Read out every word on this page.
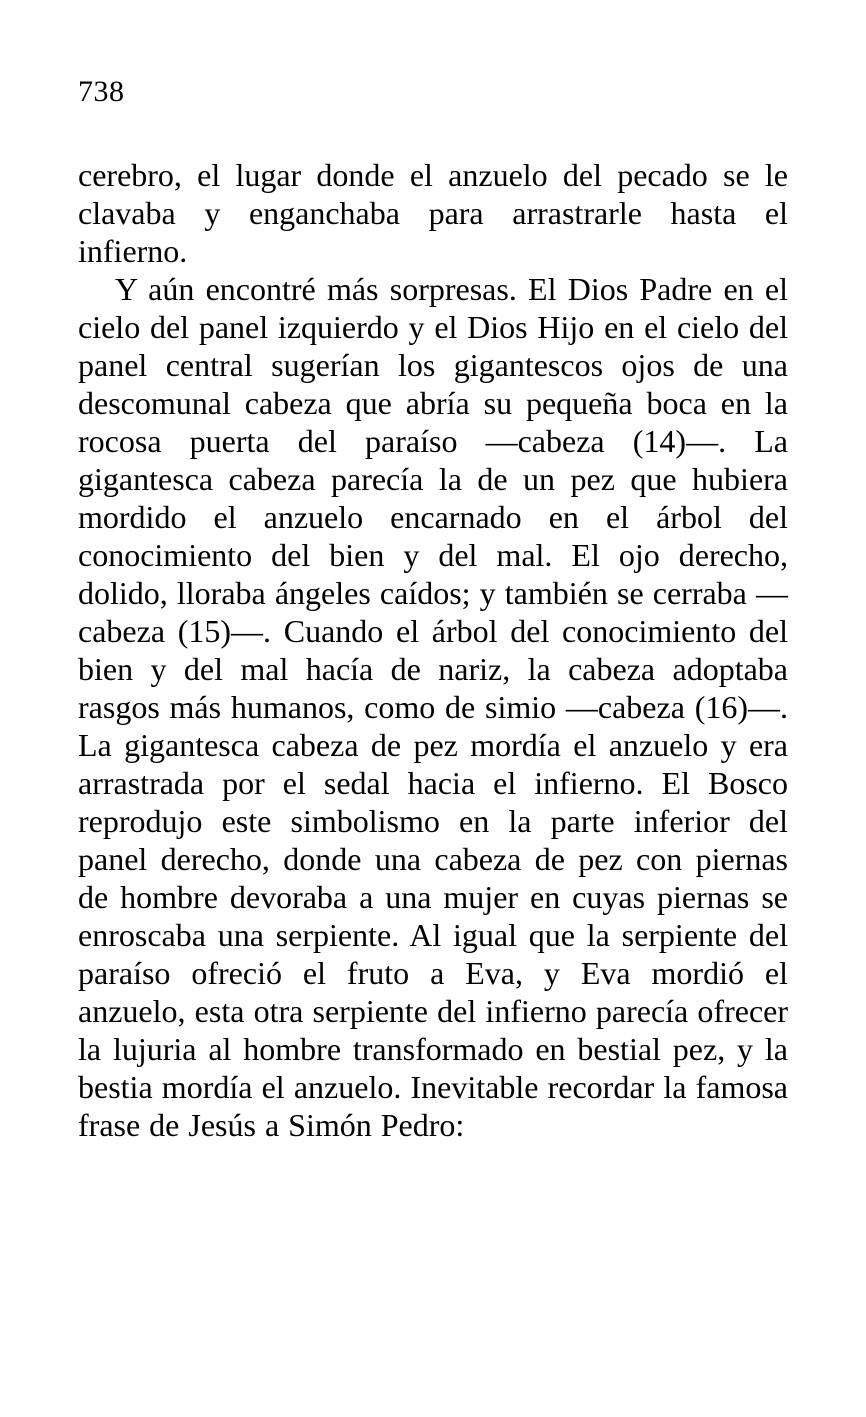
738

cerebro, el lugar donde el anzuelo del pecado se le clavaba y enganchaba para arrastrarle hasta el infierno.

Y aún encontré más sorpresas. El Dios Padre en el cielo del panel izquierdo y el Dios Hijo en el cielo del panel central sugerían los gigantescos ojos de una descomunal cabeza que abría su pequeña boca en la rocosa puerta del paraíso —cabeza (14)—. La gigantesca cabeza parecía la de un pez que hubiera mordido el anzuelo encarnado en el árbol del conocimiento del bien y del mal. El ojo derecho, dolido, lloraba ángeles caídos; y también se cerraba —cabeza (15)—. Cuando el árbol del conocimiento del bien y del mal hacía de nariz, la cabeza adoptaba rasgos más humanos, como de simio —cabeza (16)—. La gigantesca cabeza de pez mordía el anzuelo y era arrastrada por el sedal hacia el infierno. El Bosco reprodujo este simbolismo en la parte inferior del panel derecho, donde una cabeza de pez con piernas de hombre devoraba a una mujer en cuyas piernas se enroscaba una serpiente. Al igual que la serpiente del paraíso ofreció el fruto a Eva, y Eva mordió el anzuelo, esta otra serpiente del infierno parecía ofrecer la lujuria al hombre transformado en bestial pez, y la bestia mordía el anzuelo. Inevitable recordar la famosa frase de Jesús a Simón Pedro:
